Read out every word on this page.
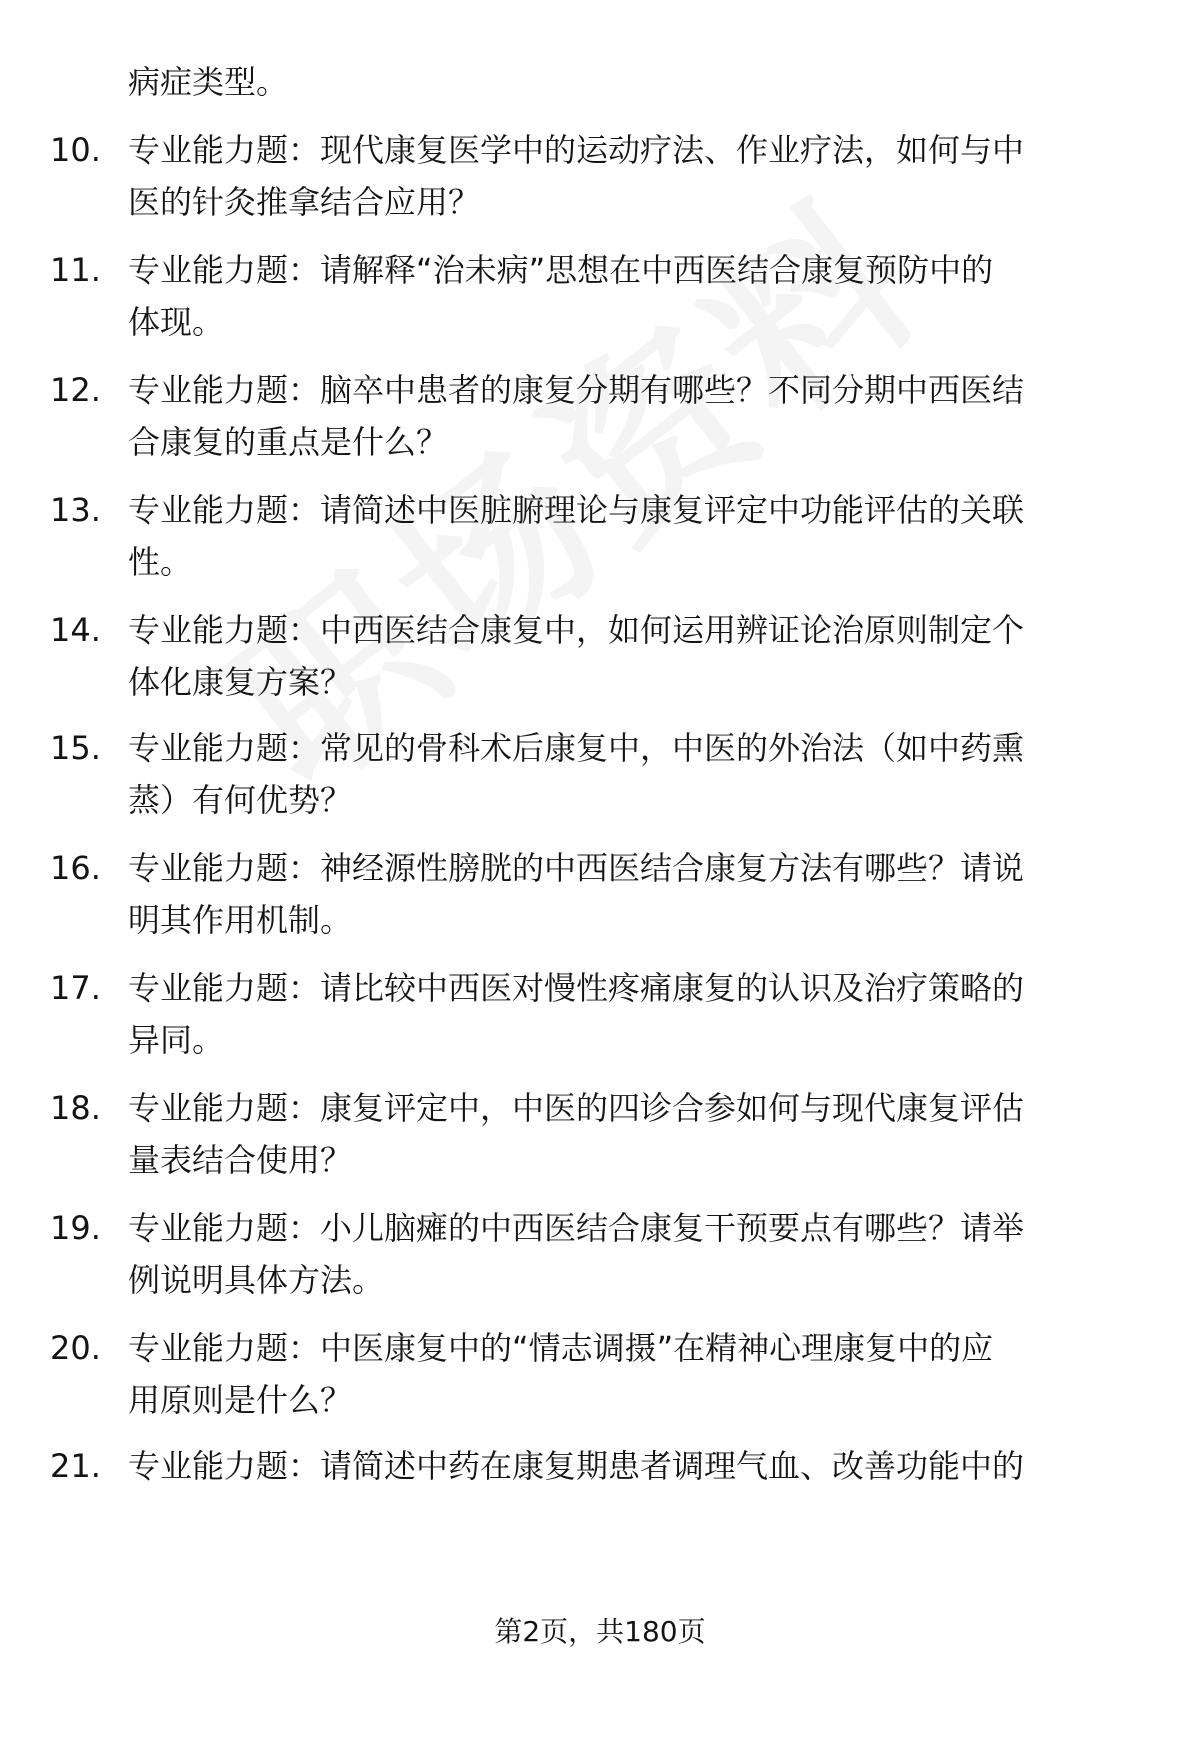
病症类型。
10. 专业能力题：现代康复医学中的运动疗法、作业疗法，如何与中
医的针灸推拿结合应用？
11. 专业能力题：请解释“治未病”思想在中西医结合康复预防中的
体现。
12. 专业能力题：脑卒中患者的康复分期有哪些？不同分期中西医结
合康复的重点是什么？
13. 专业能力题：请简述中医脏腑理论与康复评定中功能评估的关联
性。
14. 专业能力题：中西医结合康复中，如何运用辨证论治原则制定个
体化康复方案？
15. 专业能力题：常见的骨科术后康复中，中医的外治法（如中药熏
蒸）有何优势？
16. 专业能力题：神经源性膀胱的中西医结合康复方法有哪些？请说
明其作用机制。
17. 专业能力题：请比较中西医对慢性疼痛康复的认识及治疗策略的
异同。
18. 专业能力题：康复评定中，中医的四诊合参如何与现代康复评估
量表结合使用？
19. 专业能力题：小儿脑瘫的中西医结合康复干预要点有哪些？请举
例说明具体方法。
20. 专业能力题：中医康复中的“情志调摄”在精神心理康复中的应
用原则是什么？
21. 专业能力题：请简述中药在康复期患者调理气血、改善功能中的
第2页，共180页
